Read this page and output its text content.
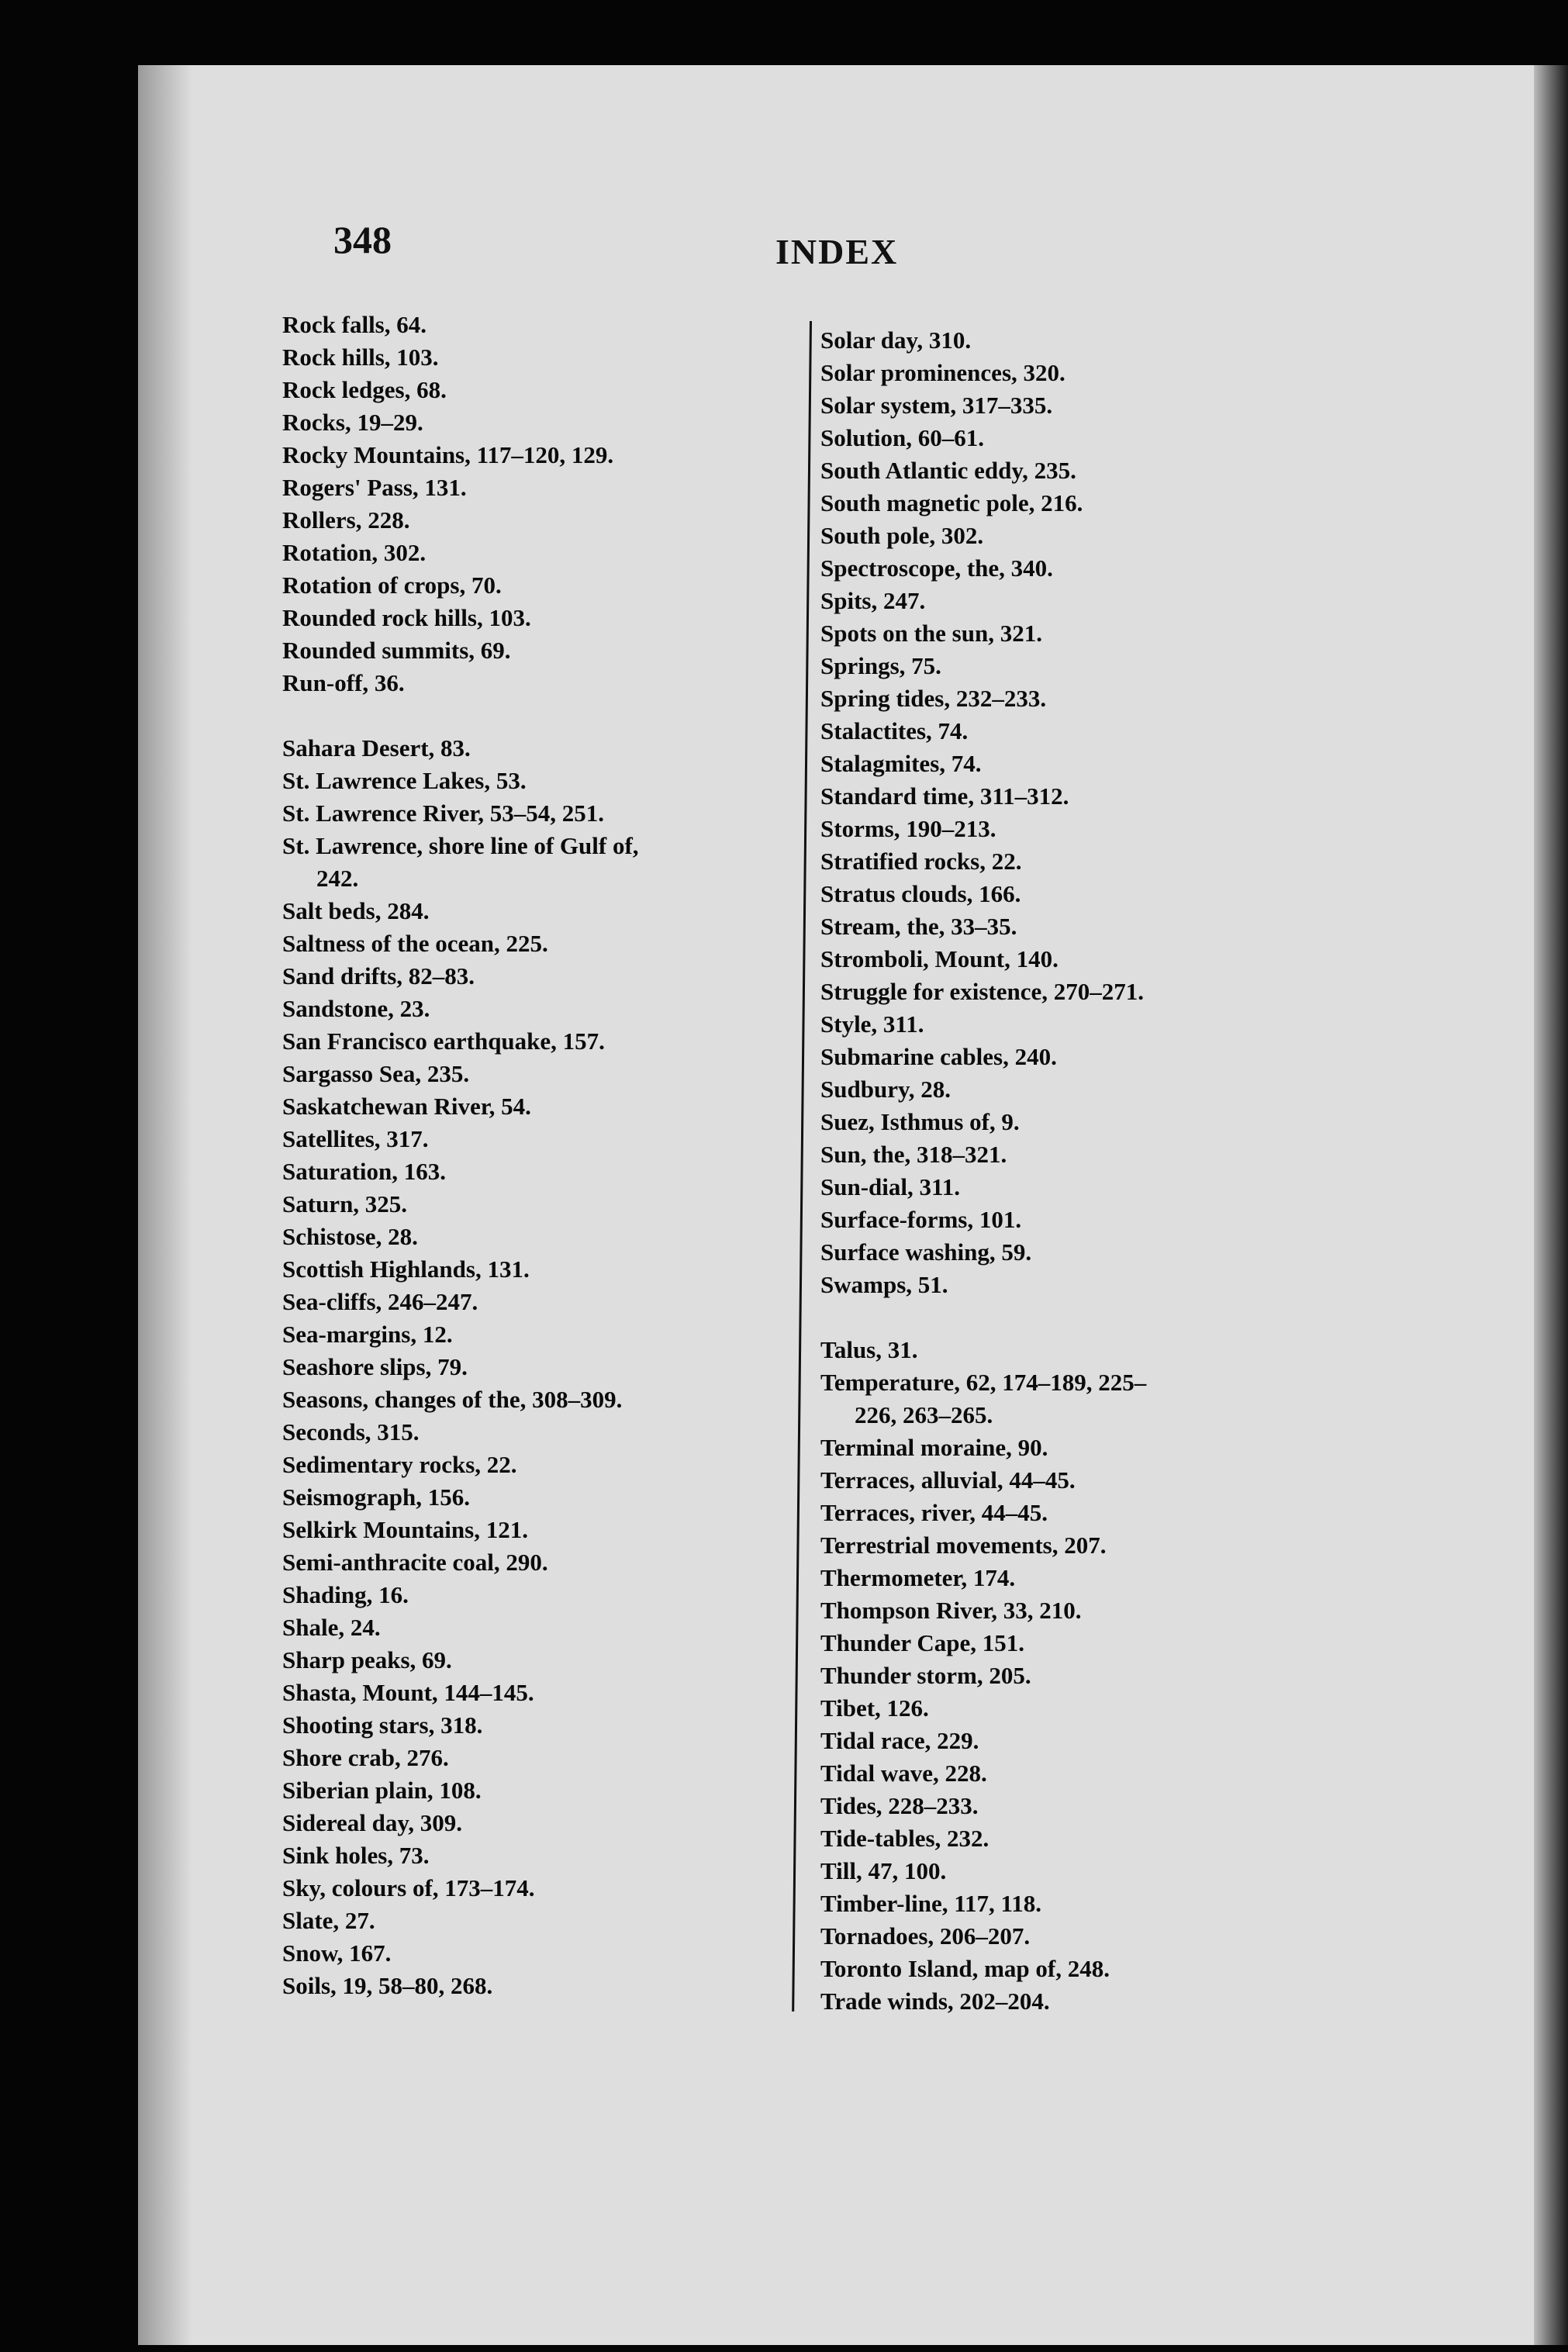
348	INDEX
Rock falls, 64.
Rock hills, 103.
Rock ledges, 68.
Rocks, 19–29.
Rocky Mountains, 117–120, 129.
Rogers' Pass, 131.
Rollers, 228.
Rotation, 302.
Rotation of crops, 70.
Rounded rock hills, 103.
Rounded summits, 69.
Run-off, 36.
Sahara Desert, 83.
St. Lawrence Lakes, 53.
St. Lawrence River, 53–54, 251.
St. Lawrence, shore line of Gulf of,
242.
Salt beds, 284.
Saltness of the ocean, 225.
Sand drifts, 82–83.
Sandstone, 23.
San Francisco earthquake, 157.
Sargasso Sea, 235.
Saskatchewan River, 54.
Satellites, 317.
Saturation, 163.
Saturn, 325.
Schistose, 28.
Scottish Highlands, 131.
Sea-cliffs, 246–247.
Sea-margins, 12.
Seashore slips, 79.
Seasons, changes of the, 308–309.
Seconds, 315.
Sedimentary rocks, 22.
Seismograph, 156.
Selkirk Mountains, 121.
Semi-anthracite coal, 290.
Shading, 16.
Shale, 24.
Sharp peaks, 69.
Shasta, Mount, 144–145.
Shooting stars, 318.
Shore crab, 276.
Siberian plain, 108.
Sidereal day, 309.
Sink holes, 73.
Sky, colours of, 173–174.
Slate, 27.
Snow, 167.
Soils, 19, 58–80, 268.
Solar day, 310.
Solar prominences, 320.
Solar system, 317–335.
Solution, 60–61.
South Atlantic eddy, 235.
South magnetic pole, 216.
South pole, 302.
Spectroscope, the, 340.
Spits, 247.
Spots on the sun, 321.
Springs, 75.
Spring tides, 232–233.
Stalactites, 74.
Stalagmites, 74.
Standard time, 311–312.
Storms, 190–213.
Stratified rocks, 22.
Stratus clouds, 166.
Stream, the, 33–35.
Stromboli, Mount, 140.
Struggle for existence, 270–271.
Style, 311.
Submarine cables, 240.
Sudbury, 28.
Suez, Isthmus of, 9.
Sun, the, 318–321.
Sun-dial, 311.
Surface-forms, 101.
Surface washing, 59.
Swamps, 51.
Talus, 31.
Temperature, 62, 174–189, 225–
226, 263–265.
Terminal moraine, 90.
Terraces, alluvial, 44–45.
Terraces, river, 44–45.
Terrestrial movements, 207.
Thermometer, 174.
Thompson River, 33, 210.
Thunder Cape, 151.
Thunder storm, 205.
Tibet, 126.
Tidal race, 229.
Tidal wave, 228.
Tides, 228–233.
Tide-tables, 232.
Till, 47, 100.
Timber-line, 117, 118.
Tornadoes, 206–207.
Toronto Island, map of, 248.
Trade winds, 202–204.
